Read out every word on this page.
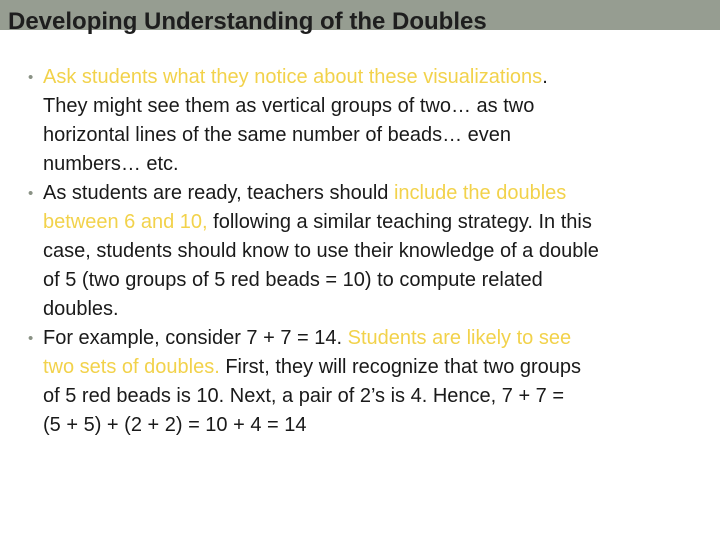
Developing Understanding of the Doubles
• Ask students what they notice about these visualizations.
They might see them as vertical groups of two… as two
horizontal lines of the same number of beads… even
numbers… etc.
• As students are ready, teachers should include the doubles
between 6 and 10, following a similar teaching strategy. In this
case, students should know to use their knowledge of a double
of 5 (two groups of 5 red beads = 10) to compute related
doubles.
• For example, consider 7 + 7 = 14. Students are likely to see
two sets of doubles. First, they will recognize that two groups
of 5 red beads is 10. Next, a pair of 2’s is 4. Hence, 7 + 7 =
(5 + 5) + (2 + 2) = 10 + 4 = 14
